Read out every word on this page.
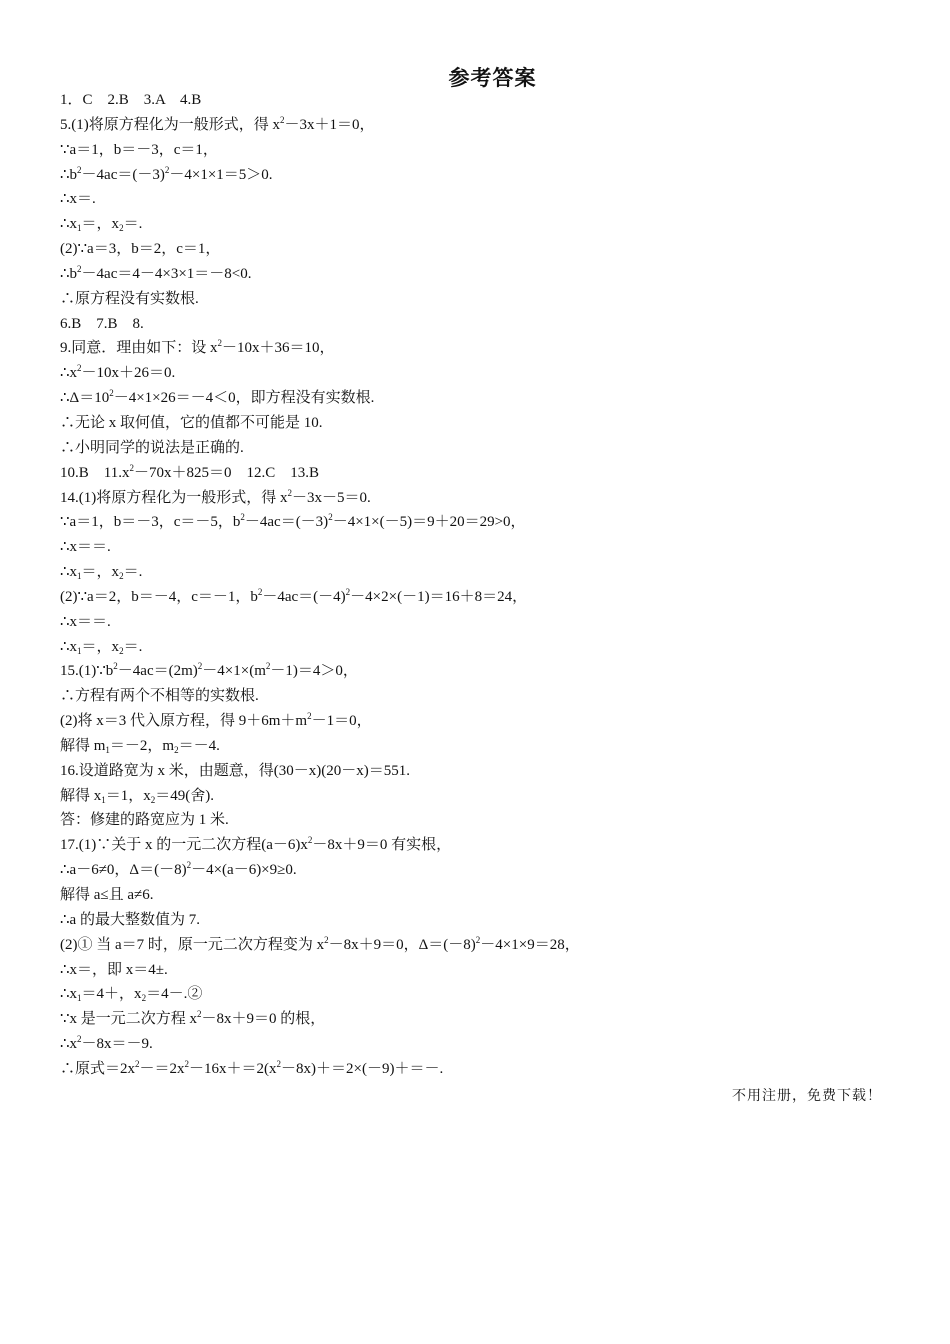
参考答案
1．C　2.B　3.A　4.B
5.(1)将原方程化为一般形式，得 $x^2-3x+1=0$，
∵a＝1，b＝－3，c＝1，
$\therefore b^2-4ac=(-3)^2-4\times 1\times 1=5>0$.
∴x＝.
$\therefore x_1=$，$x_2=$.
(2)∵a＝3，b＝2，c＝1，
$\therefore b^2-4ac=4-4\times 3\times 1=-8<0$.
∴原方程没有实数根.
6.B　7.B　8.
9.同意．理由如下：设 $x^2-10x+36=10$，
$\therefore x^2-10x+26=0$.
$\therefore\Delta=10^2-4\times 1\times 26=-4<0$，即方程没有实数根.
∴无论 x 取何值，它的值都不可能是 10.
∴小明同学的说法是正确的.
10.B　$11.x^2-70x+825=0$　12.C　13.B
14.(1)将原方程化为一般形式，得 $x^2-3x-5=0$.
∵a＝1，b＝－3，c＝－5，$b^2-4ac=(-3)^2-4\times 1\times(-5)=9+20=29>0$，
∴x＝＝.
$\therefore x_1=$，$x_2=$.
(2)∵a＝2，b＝－4，c＝－1，$b^2-4ac=(-4)^2-4\times 2\times(-1)=16+8=24$，
∴x＝＝.
$\therefore x_1=$，$x_2=$.
$15.(1)\because b^2-4ac=(2m)^2-4\times 1\times(m^2-1)=4>0$，
∴方程有两个不相等的实数根.
(2)将 x＝3 代入原方程，得 $9+6m+m^2-1=0$，
解得 $m_1=-2$，$m_2=-4$.
16.设道路宽为 x 米，由题意，得(30－x)(20－x)＝551.
解得 $x_1=1$，$x_2=49$(舍).
答：修建的路宽应为 1 米.
17.(1)∵关于 x 的一元二次方程$(a-6)x^2-8x+9=0$ 有实根，
∴a－6≠0，$\Delta=(-8)^2-4\times(a-6)\times 9\ge 0$.
解得 a≤且 a≠6.
∴a 的最大整数值为 7.
(2)① 当 a＝7 时，原一元二次方程变为 $x^2-8x+9=0$，$\Delta=(-8)^2-4\times 1\times 9=28$，
∴x＝，即 x＝4±.
$\therefore x_1=4+$，$x_2=4-.②$
∵x 是一元二次方程 $x^2-8x+9=0$ 的根，
$\therefore x^2-8x=-9$.
∴原式$=2x^2-=2x^2-16x+=2(x^2-8x)+=2\times(-9)+=-$.
不用注册，免费下载！
